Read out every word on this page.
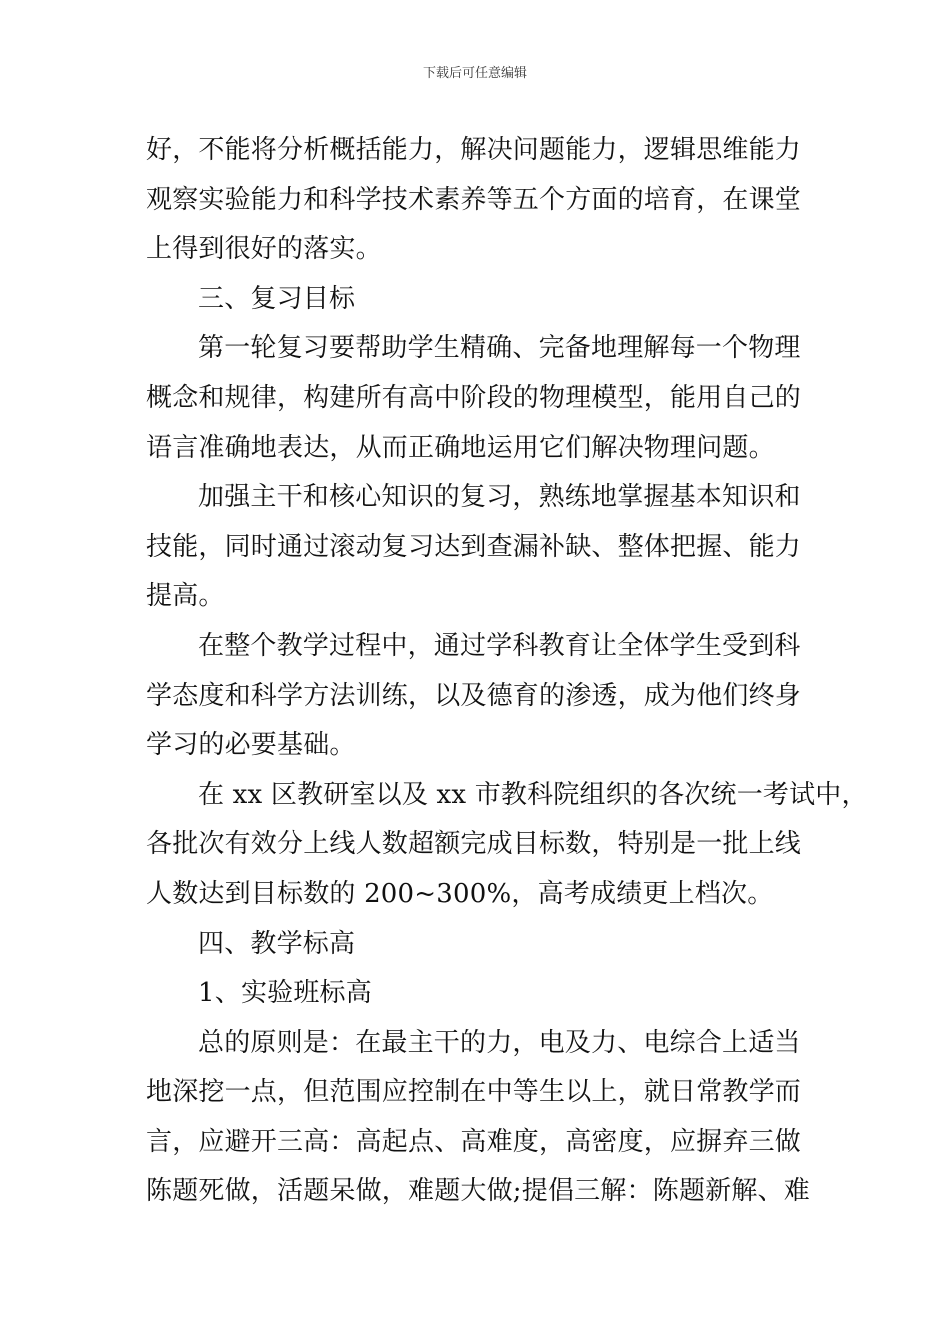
下载后可任意编辑
好，不能将分析概括能力，解决问题能力，逻辑思维能力
观察实验能力和科学技术素养等五个方面的培育，在课堂
上得到很好的落实。
三、复习目标
第一轮复习要帮助学生精确、完备地理解每一个物理
概念和规律，构建所有高中阶段的物理模型，能用自己的
语言准确地表达，从而正确地运用它们解决物理问题。
加强主干和核心知识的复习，熟练地掌握基本知识和
技能，同时通过滚动复习达到查漏补缺、整体把握、能力
提高。
在整个教学过程中，通过学科教育让全体学生受到科
学态度和科学方法训练，以及德育的渗透，成为他们终身
学习的必要基础。
在 xx 区教研室以及 xx 市教科院组织的各次统一考试中，
各批次有效分上线人数超额完成目标数，特别是一批上线
人数达到目标数的 200~300%，高考成绩更上档次。
四、教学标高
1、实验班标高
总的原则是：在最主干的力，电及力、电综合上适当
地深挖一点，但范围应控制在中等生以上，就日常教学而
言，应避开三高：高起点、高难度，高密度，应摒弃三做
陈题死做，活题呆做，难题大做;提倡三解：陈题新解、难
